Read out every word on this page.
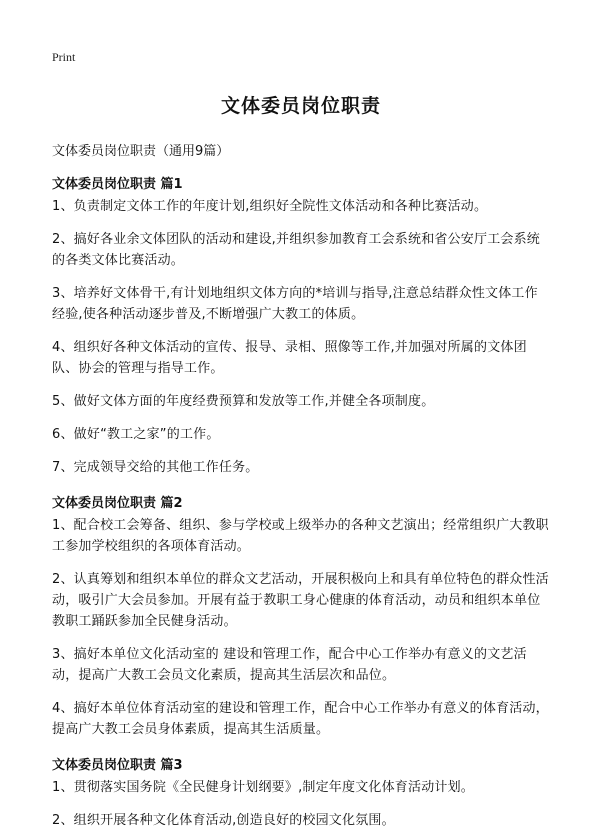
Print
文体委员岗位职责
文体委员岗位职责（通用9篇）
文体委员岗位职责 篇1

1、负责制定文体工作的年度计划,组织好全院性文体活动和各种比赛活动。

2、搞好各业余文体团队的活动和建设,并组织参加教育工会系统和省公安厅工会系统的各类文体比赛活动。

3、培养好文体骨干,有计划地组织文体方向的*培训与指导,注意总结群众性文体工作经验,使各种活动逐步普及,不断增强广大教工的体质。

4、组织好各种文体活动的宣传、报导、录相、照像等工作,并加强对所属的文体团队、协会的管理与指导工作。

5、做好文体方面的年度经费预算和发放等工作,并健全各项制度。

6、做好“教工之家”的工作。

7、完成领导交给的其他工作任务。

文体委员岗位职责 篇2

1、配合校工会筹备、组织、参与学校或上级举办的各种文艺演出；经常组织广大教职工参加学校组织的各项体育活动。

2、认真筹划和组织本单位的群众文艺活动，开展积极向上和具有单位特色的群众性活动，吸引广大会员参加。开展有益于教职工身心健康的体育活动，动员和组织本单位教职工踊跃参加全民健身活动。

3、搞好本单位文化活动室的 建设和管理工作，配合中心工作举办有意义的文艺活动，提高广大教工会员文化素质，提高其生活层次和品位。

4、搞好本单位体育活动室的建设和管理工作，配合中心工作举办有意义的体育活动，提高广大教工会员身体素质，提高其生活质量。

文体委员岗位职责 篇3

1、贯彻落实国务院《全民健身计划纲要》,制定年度文化体育活动计划。

2、组织开展各种文化体育活动,创造良好的校园文化氛围。
